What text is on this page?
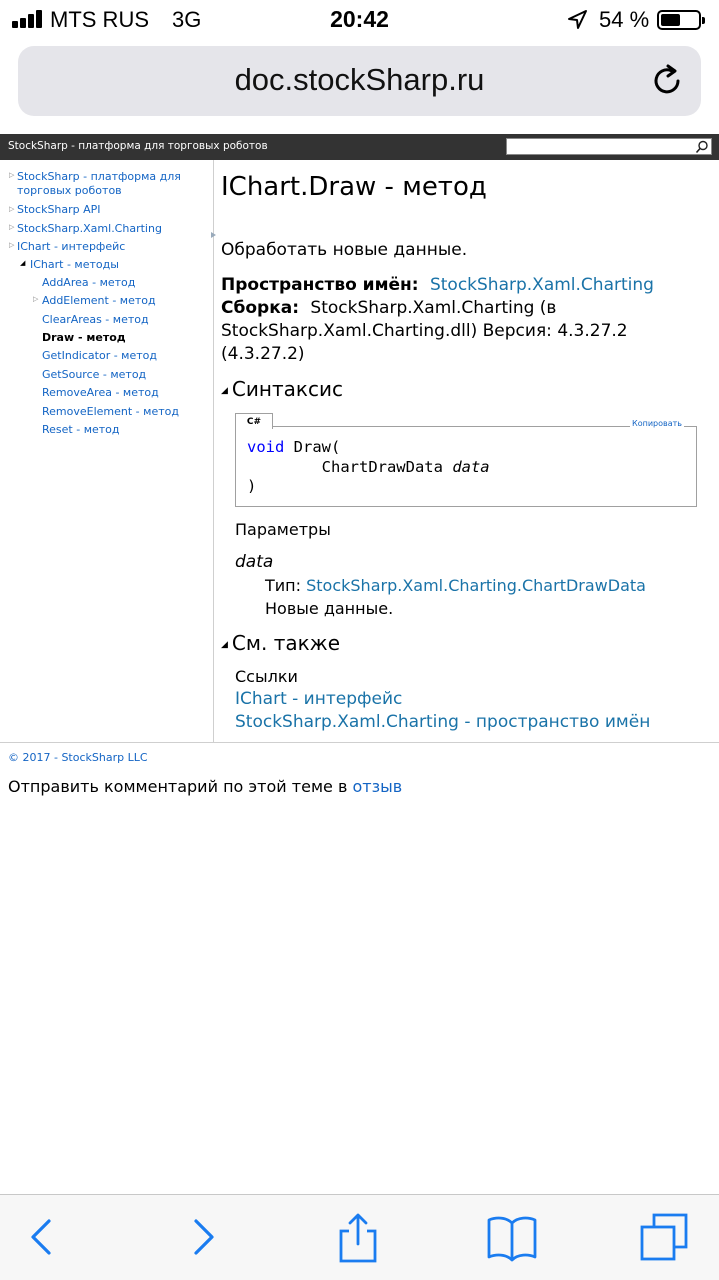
MTS RUS 3G	20:42	54 %
doc.stockSharp.ru
StockSharp - платформа для торговых роботов
▷ StockSharp - платформа для торговых роботов
▷ StockSharp API
▷ StockSharp.Xaml.Charting
▷ IChart - интерфейс
◢ IChart - методы
AddArea - метод
▷ AddElement - метод
ClearAreas - метод
Draw - метод
GetIndicator - метод
GetSource - метод
RemoveArea - метод
RemoveElement - метод
Reset - метод
IChart.Draw - метод
Обработать новые данные.
Пространство имён: StockSharp.Xaml.Charting
Сборка: StockSharp.Xaml.Charting (в StockSharp.Xaml.Charting.dll) Версия: 4.3.27.2 (4.3.27.2)
◢ Синтаксис
C#	Копировать
void Draw(
	ChartDrawData data
)
Параметры
data
Тип: StockSharp.Xaml.Charting.ChartDrawData
Новые данные.
◢ См. также
Ссылки
IChart - интерфейс
StockSharp.Xaml.Charting - пространство имён
© 2017 - StockSharp LLC
Отправить комментарий по этой теме в отзыв
